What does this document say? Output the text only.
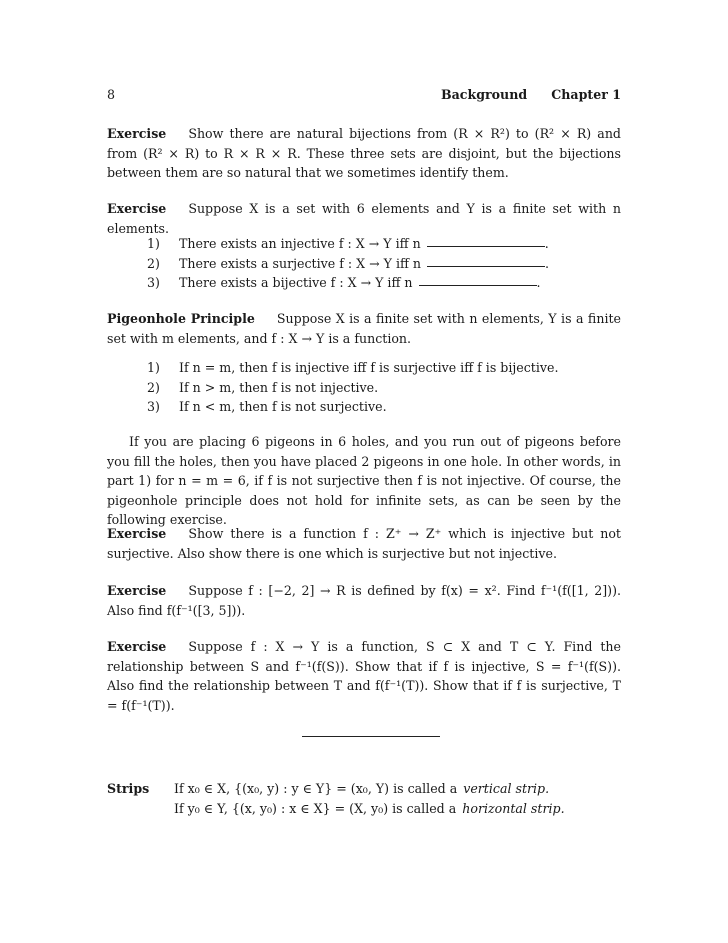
8	Background Chapter 1
Exercise Show there are natural bijections from (R × R²) to (R² × R) and from (R² × R) to R × R × R. These three sets are disjoint, but the bijections between them are so natural that we sometimes identify them.
Exercise Suppose X is a set with 6 elements and Y is a finite set with n elements.
1)	There exists an injective f : X → Y iff n	.
2)	There exists a surjective f : X → Y iff n	.
3)	There exists a bijective f : X → Y iff n	.
Pigeonhole Principle Suppose X is a finite set with n elements, Y is a finite set with m elements, and f : X → Y is a function.
1)	If n = m, then f is injective iff f is surjective iff f is bijective.
2)	If n > m, then f is not injective.
3)	If n < m, then f is not surjective.
If you are placing 6 pigeons in 6 holes, and you run out of pigeons before you fill the holes, then you have placed 2 pigeons in one hole. In other words, in part 1) for n = m = 6, if f is not surjective then f is not injective. Of course, the pigeonhole principle does not hold for infinite sets, as can be seen by the following exercise.
Exercise Show there is a function f : Z⁺ → Z⁺ which is injective but not surjective. Also show there is one which is surjective but not injective.
Exercise Suppose f : [−2, 2] → R is defined by f(x) = x². Find f⁻¹(f([1, 2])). Also find f(f⁻¹([3, 5])).
Exercise Suppose f : X → Y is a function, S ⊂ X and T ⊂ Y. Find the relationship between S and f⁻¹(f(S)). Show that if f is injective, S = f⁻¹(f(S)). Also find the relationship between T and f(f⁻¹(T)). Show that if f is surjective, T = f(f⁻¹(T)).
Strips If x₀ ∈ X, {(x₀, y) : y ∈ Y} = (x₀, Y) is called a vertical strip.
If y₀ ∈ Y, {(x, y₀) : x ∈ X} = (X, y₀) is called a horizontal strip.
